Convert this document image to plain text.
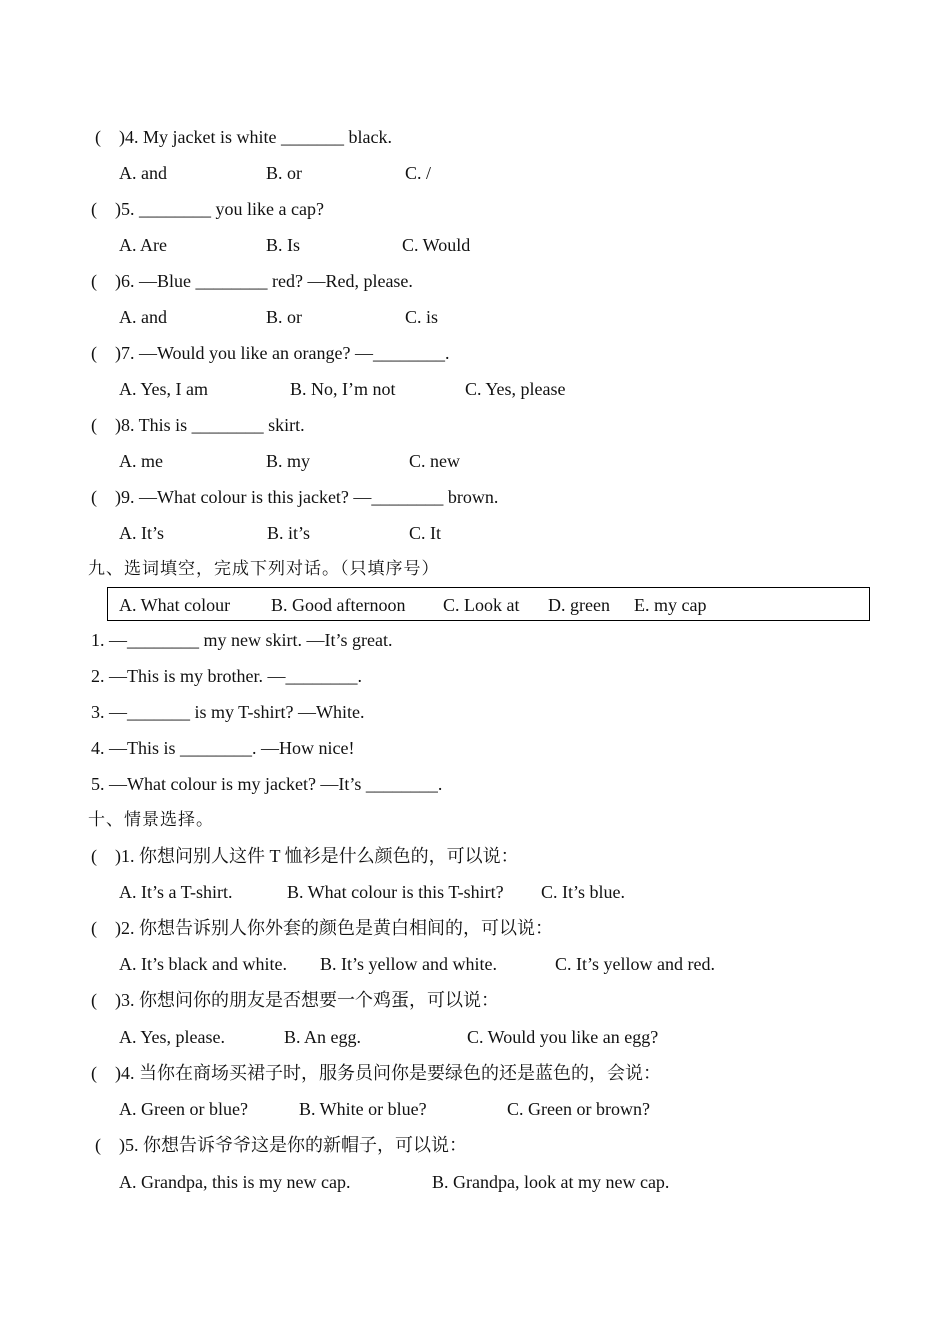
(    )4. My jacket is white _______ black.
A. and	B. or	C. /
(    )5. ________ you like a cap?
A. Are	B. Is	C. Would
(    )6. —Blue ________ red? —Red, please.
A. and	B. or	C. is
(    )7. —Would you like an orange? —________.
A. Yes, I am	B. No, I’m not	C. Yes, please
(    )8. This is ________ skirt.
A. me	B. my	C. new
(    )9. —What colour is this jacket? —________ brown.
A. It’s	B. it’s	C. It
九、选词填空，完成下列对话。（只填序号）
A. What colour B. Good afternoon C. Look at D. green E. my cap
1. —________ my new skirt. —It’s great.
2. —This is my brother. —________.
3. —_______ is my T-shirt? —White.
4. —This is ________. —How nice!
5. —What colour is my jacket? —It’s ________.
十、情景选择。
(    )1. 你想问别人这件 T 恤衫是什么颜色的，可以说：
A. It’s a T-shirt.	B. What colour is this T-shirt? C. It’s blue.
(    )2. 你想告诉别人你外套的颜色是黄白相间的，可以说：
A. It’s black and white. B. It’s yellow and white.	C. It’s yellow and red.
(    )3. 你想问你的朋友是否想要一个鸡蛋，可以说：
A. Yes, please.	B. An egg.	C. Would you like an egg?
(    )4. 当你在商场买裙子时，服务员问你是要绿色的还是蓝色的，会说：
A. Green or blue?	B. White or blue?	C. Green or brown?
(    )5. 你想告诉爷爷这是你的新帽子，可以说：
A. Grandpa, this is my new cap.	B. Grandpa, look at my new cap.
